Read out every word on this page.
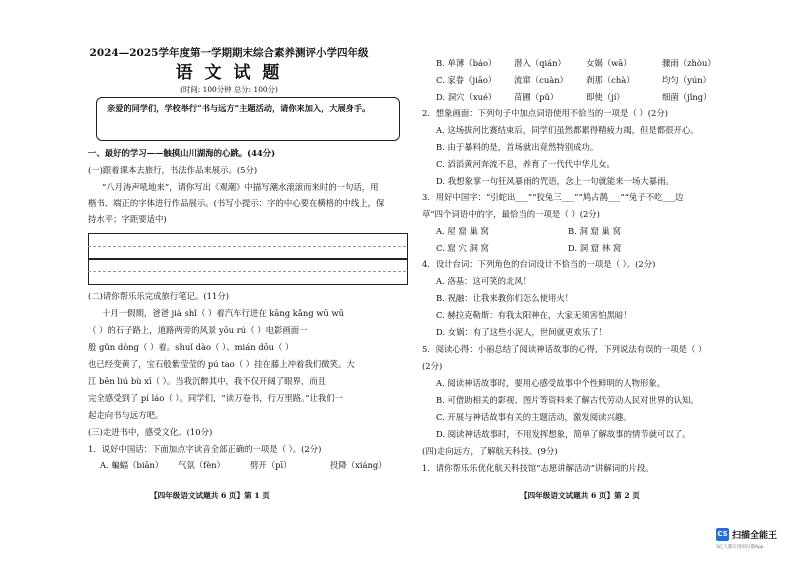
2024—2025学年度第一学期期末综合素养测评小学四年级
语 文 试 题
(时间: 100分钟 总分: 100分)
亲爱的同学们，学校举行“书与远方”主题活动，请你来加入，大展身手。
一、最好的学习——触摸山川湖海的心跳。(44分)
(一)跟着课本去旅行，书法作品来展示。(5分)
“八月涛声吼地来”，请你写出《观潮》中描写潮水滚滚而来时的一句话，用
楷书、端正的字体进行作品展示。(书写小提示：字的中心要在横格的中线上，保
持水平；字距要适中)
(二)请你帮乐乐完成旅行笔记。(11分)
十月一假期，爸爸 jià shǐ（ ）着汽车行进在 kāng kǎng wū wū
（ ）的石子路上，道路两旁的风景 yōu rú（ ）电影画面一
般 gǔn dòng（ ）着。shuǐ dào（ ）、mián dōu（ ）
也已经变黄了，宝石般紫莹莹的 pú tao（ ）挂在藤上冲着我们微笑。大
江 bēn liú bù xī（ ）。当我沉醉其中，我不仅开阔了眼界，而且
完全感受到了 pí láo（ ）。同学们，“读万卷书，行万里路。”让我们一
起走向书与远方吧。
(三)走进书中，感受文化。(10分)
1．说好中国话：下面加点字读音全部正确的一项是（ ）。(2分)
A. 蝙蝠（biān） 气氛（fèn）	劈开（pī）	投降（xiáng）
【四年级语文试题共 6 页】第 1 页
B. 单薄（báo） 潜入（qián） 女娲（wā）	骤雨（zhòu）
C. 家眷（jiāo） 流窜（cuàn） 刹那（chà）	均匀（yún）
D. 洞穴（xué） 苗圃（pǔ）	即使（jí）	细菌（jǐng）
2．想象画面：下列句子中加点词语使用不恰当的一项是（ ）(2分)
A. 这场拔河比赛结束后，同学们虽然都累得精疲力竭，但是都很开心。
B. 由于暴料的是，首场就出竟然特别成功。
C. 滔滔黄河奔流不息，养育了一代代中华儿女。
D. 我想象掌一句狂风暴雨的咒语，念上一句就能来一场大暴雨。
3．用好中国字：“引蛇出___”“狡兔三___”“鸠占鹊___”“兔子不吃___边
草”四个词语中的字，最恰当的一项是（ ）(2分)
A. 屋 窟 巢 窝	B. 洞 窟 巢 窝
C. 窟 穴 洞 窝	D. 洞 窟 林 窝
4．设计台词：下列角色的台词设计不恰当的一项是（ ）。(2分)
A. 洛基：这可笑的北风！
B. 祝融：让我来教你们怎么使用火！
C. 赫拉克勒斯：有我太阳神在，大家无须害怕黑暗！
D. 女娲：有了这些小泥人，世间就更欢乐了！
5．阅读心得：小丽总结了阅读神话故事的心得，下列说法有误的一项是（ ）
(2分)
A. 阅读神话故事时，要用心感受故事中个性鲜明的人物形象。
B. 可借助相关的影视、图片等资料来了解古代劳动人民对世界的认知。
C. 开展与神话故事有关的主题活动，激发阅读兴趣。
D. 阅读神话故事时，不用发挥想象，简单了解故事的情节就可以了。
(四)走向远方，了解航天科技。(9分)
1．请你帮乐乐优化航天科技馆“志愿讲解活动”讲解词的片段。
【四年级语文试题共 6 页】第 2 页
CS 扫描全能王
3亿人都在用的扫描App
